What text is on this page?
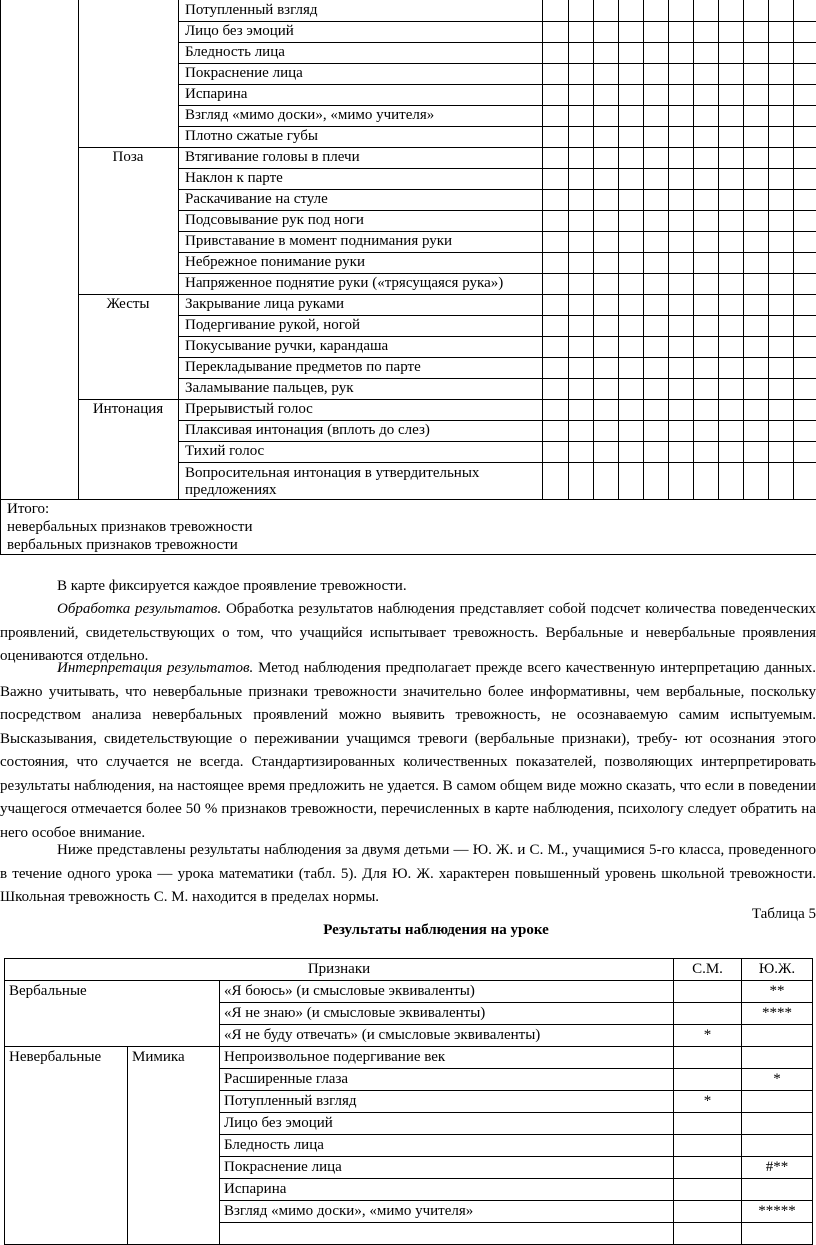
Потупленный взгляд
Лицо без эмоций
Бледность лица
Покраснение лица
Испарина
Взгляд «мимо доски», «мимо учителя»
Плотно сжатые губы
Поза	Втягивание головы в плечи
Наклон к парте
Раскачивание на стуле
Подсовывание рук под ноги
Привставание в момент поднимания руки
Небрежное понимание руки
Напряженное поднятие руки («трясущаяся рука»)
Жесты	Закрывание лица руками
Подергивание рукой, ногой
Покусывание ручки, карандаша
Перекладывание предметов по парте
Заламывание пальцев, рук
Интонация	Прерывистый голос
Плаксивая интонация (вплоть до слез)
Тихий голос
Вопросительная интонация в утвердительных
предложениях
Итого:
невербальных признаков тревожности
вербальных признаков тревожности
В карте фиксируется каждое проявление тревожности.
Обработка результатов. Обработка результатов наблюдения представляет собой подсчет количества поведенческих проявлений, свидетельствующих о том, что учащийся испытывает тревожность. Вербальные и невербальные проявления оцениваются отдельно.
Интерпретация результатов. Метод наблюдения предполагает прежде всего качественную интерпретацию данных. Важно учитывать, что невербальные признаки тревожности значительно более информативны, чем вербальные, поскольку посредством анализа невербальных проявлений можно выявить тревожность, не осознаваемую самим испытуемым. Высказывания, свидетельствующие о переживании учащимся тревоги (вербальные признаки), требу- ют осознания этого состояния, что случается не всегда. Стандартизированных количественных показателей, позволяющих интерпретировать результаты наблюдения, на настоящее время предложить не удается. В самом общем виде можно сказать, что если в поведении учащегося отмечается более 50 % признаков тревожности, перечисленных в карте наблюдения, психологу следует обратить на него особое внимание.
Ниже представлены результаты наблюдения за двумя детьми — Ю. Ж. и С. М., учащимися 5-го класса, проведенного в течение одного урока — урока математики (табл. 5). Для Ю. Ж. характерен повышенный уровень школьной тревожности. Школьная тревожность С. М. находится в пределах нормы.
Таблица 5
Результаты наблюдения на уроке
Признаки			С.М.	Ю.Ж.
Вербальные		«Я боюсь» (и смысловые эквиваленты)		**
		«Я не знаю» (и смысловые эквиваленты)		****
		«Я не буду отвечать» (и смысловые эквиваленты)	*	
Невербальные	Мимика	Непроизвольное подергивание век		
		Расширенные глаза		*
		Потупленный взгляд	*	
		Лицо без эмоций		
		Бледность лица		
		Покраснение лица		#**
		Испарина		
		Взгляд «мимо доски», «мимо учителя»		*****
